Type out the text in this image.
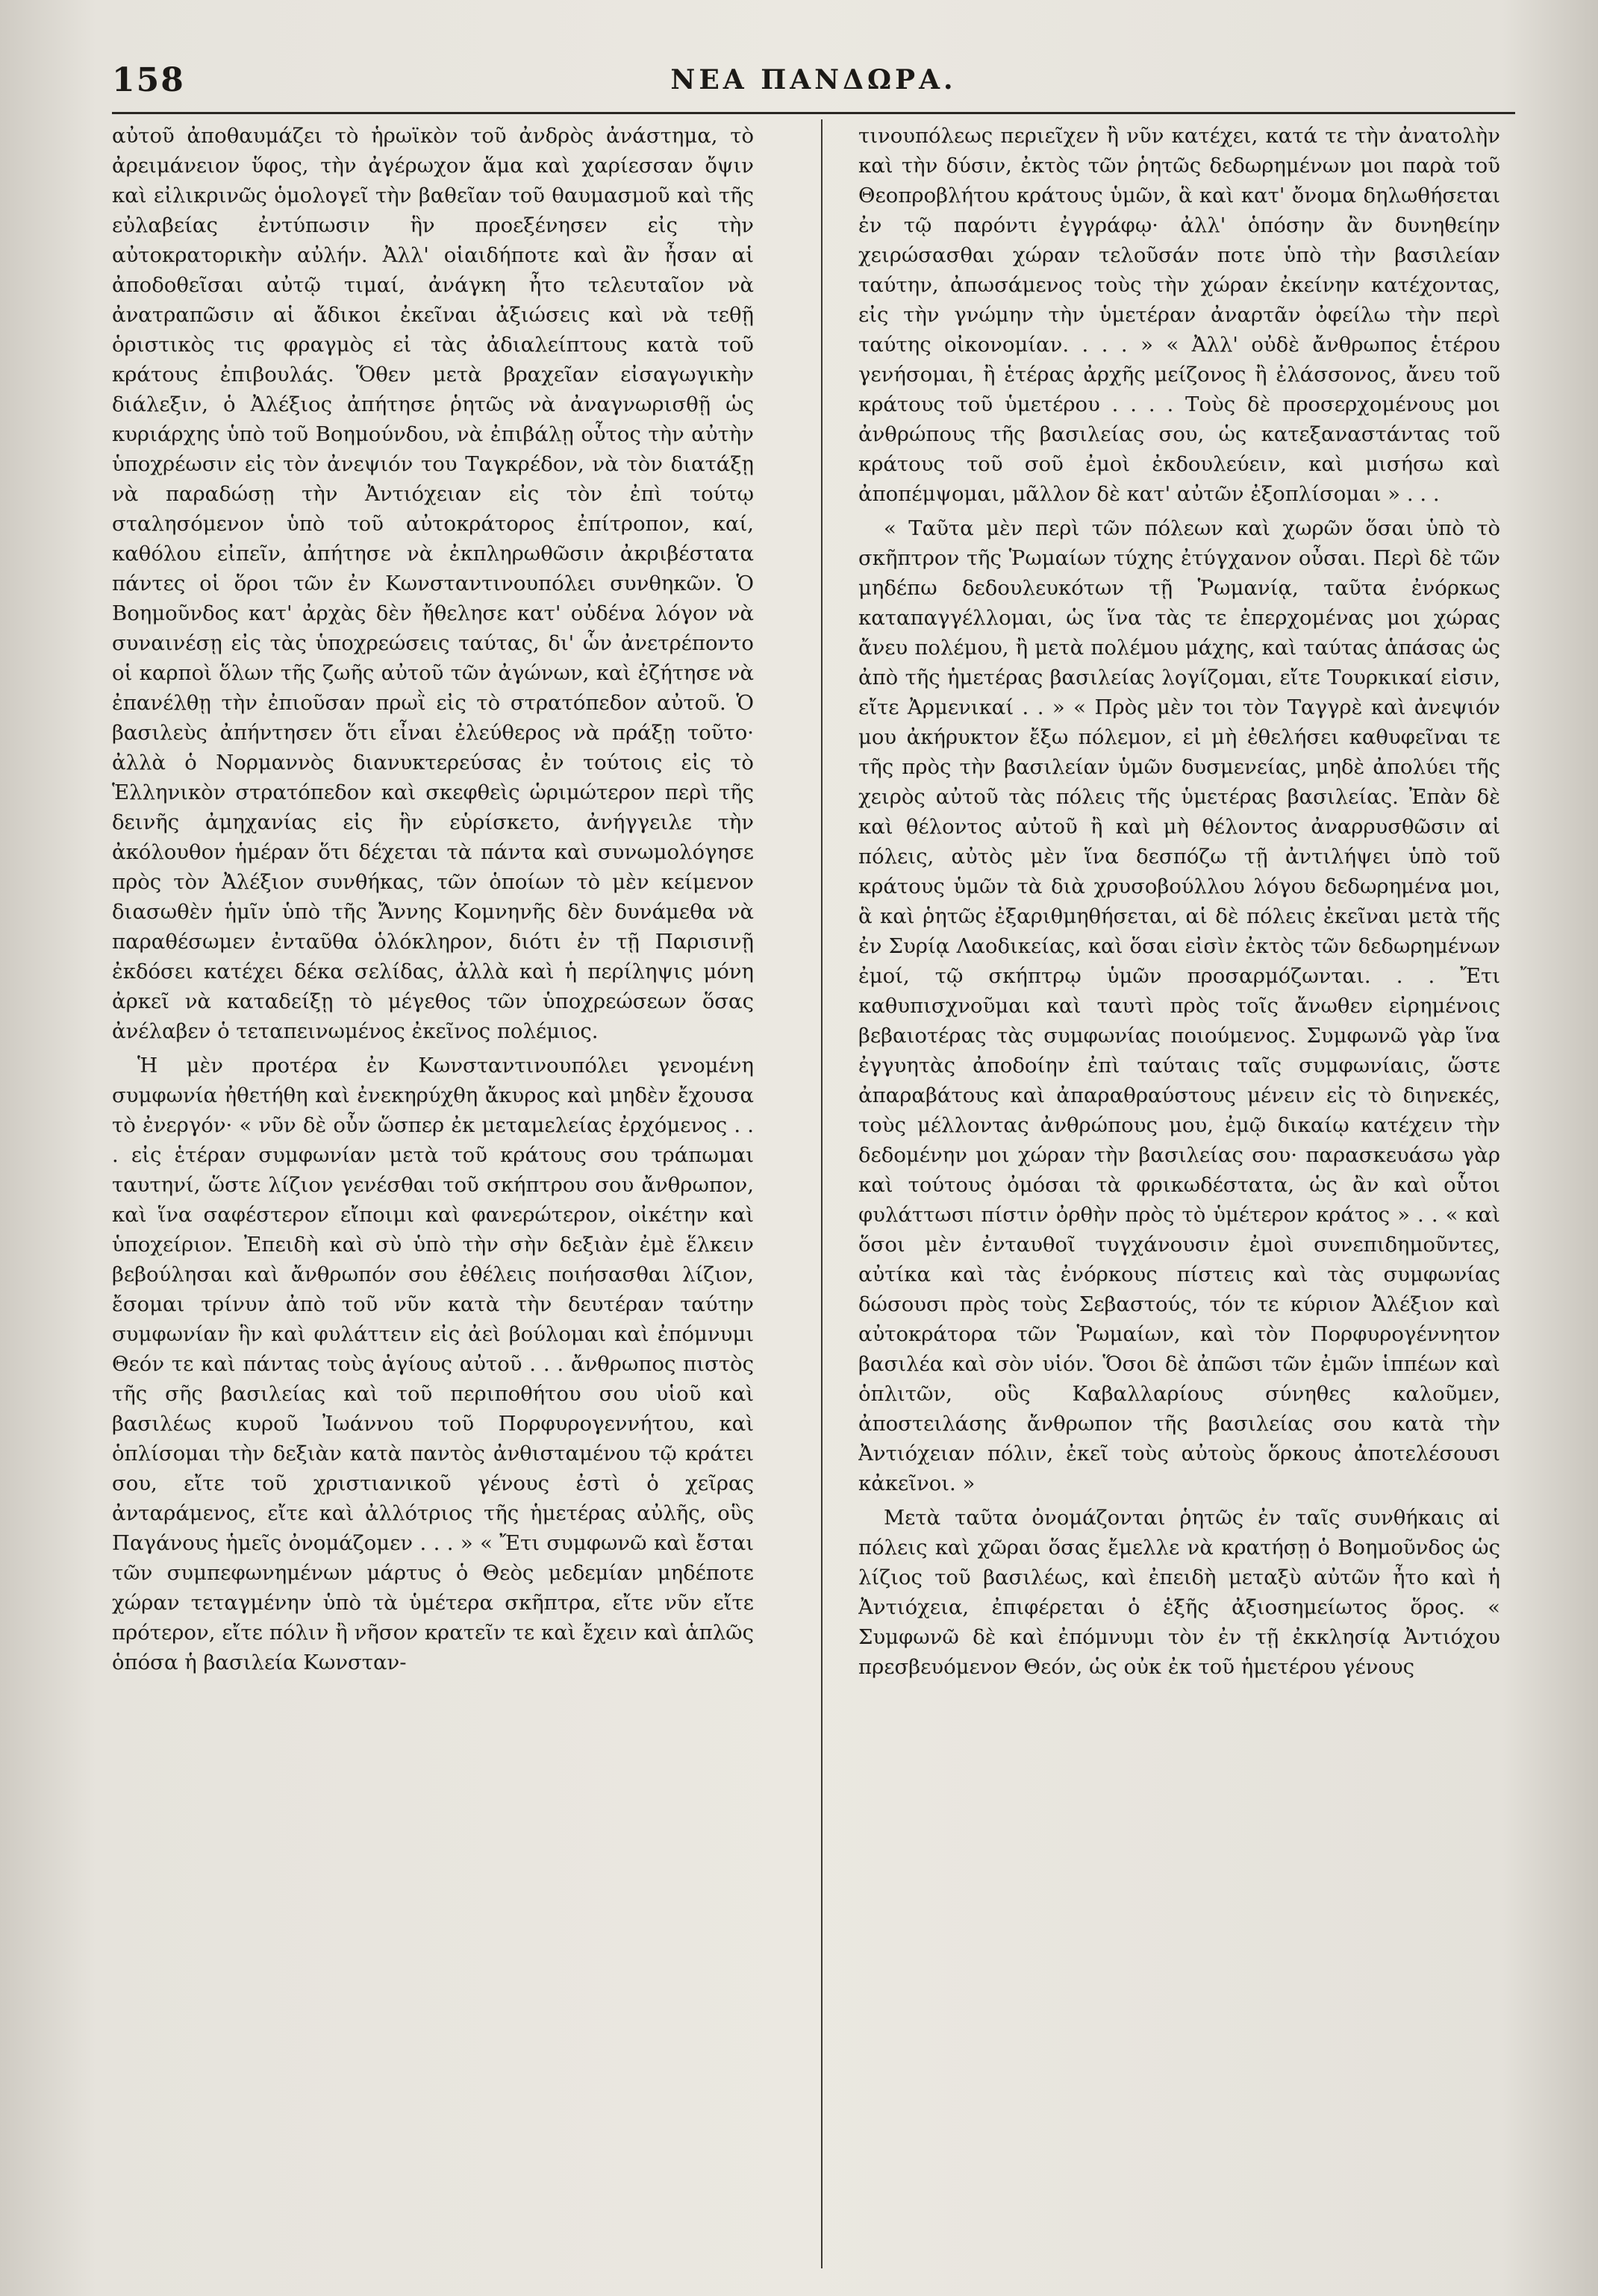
158	ΝΕΑ ΠΑΝΔΩΡΑ.

αὐτοῦ ἀποθαυμάζει τὸ ἡρωϊκὸν τοῦ ἀνδρὸς ἀνάστημα, τὸ ἀρειμάνειον ὕφος, τὴν ἀγέρωχον ἅμα καὶ χαρίεσσαν ὄψιν καὶ εἰλικρινῶς ὁμολογεῖ τὴν βαθεῖαν τοῦ θαυμασμοῦ καὶ τῆς εὐλαβείας ἐντύπωσιν ἣν προεξένησεν εἰς τὴν αὐτοκρατορικὴν αὐλήν. Ἀλλ' οἱαιδήποτε καὶ ἂν ἦσαν αἱ ἀποδοθεῖσαι αὐτῷ τιμαί, ἀνάγκη ἦτο τελευταῖον νὰ ἀνατραπῶσιν αἱ ἄδικοι ἐκεῖναι ἀξιώσεις καὶ νὰ τεθῇ ὁριστικὸς τις φραγμὸς εἰ τὰς ἀδιαλείπτους κατὰ τοῦ κράτους ἐπιβουλάς. Ὅθεν μετὰ βραχεῖαν εἰσαγωγικὴν διάλεξιν, ὁ Ἀλέξιος ἀπήτησε ῥητῶς νὰ ἀναγνωρισθῇ ὡς κυριάρχης ὑπὸ τοῦ Βοημούνδου, νὰ ἐπιβάλῃ οὗτος τὴν αὐτὴν ὑποχρέωσιν εἰς τὸν ἀνεψιόν του Ταγκρέδον, νὰ τὸν διατάξῃ νὰ παραδώσῃ τὴν Ἀντιόχειαν εἰς τὸν ἐπὶ τούτῳ σταλησόμενον ὑπὸ τοῦ αὐτοκράτορος ἐπίτροπον, καί, καθόλου εἰπεῖν, ἀπήτησε νὰ ἐκπληρωθῶσιν ἀκριβέστατα πάντες οἱ ὅροι τῶν ἐν Κωνσταντινουπόλει συνθηκῶν. Ὁ Βοημοῦνδος κατ' ἀρχὰς δὲν ἤθελησε κατ' οὐδένα λόγον νὰ συναινέσῃ εἰς τὰς ὑποχρεώσεις ταύτας, δι' ὧν ἀνετρέποντο οἱ καρποὶ ὅλων τῆς ζωῆς αὐτοῦ τῶν ἀγώνων, καὶ ἐζήτησε νὰ ἐπανέλθῃ τὴν ἐπιοῦσαν πρωῒ εἰς τὸ στρατόπεδον αὐτοῦ. Ὁ βασιλεὺς ἀπήντησεν ὅτι εἶναι ἐλεύθερος νὰ πράξῃ τοῦτο· ἀλλὰ ὁ Νορμαννὸς διανυκτερεύσας ἐν τούτοις εἰς τὸ Ἑλληνικὸν στρατόπεδον καὶ σκεφθεὶς ὡριμώτερον περὶ τῆς δεινῆς ἀμηχανίας εἰς ἣν εὑρίσκετο, ἀνήγγειλε τὴν ἀκόλουθον ἡμέραν ὅτι δέχεται τὰ πάντα καὶ συνωμολόγησε πρὸς τὸν Ἀλέξιον συνθήκας, τῶν ὁποίων τὸ μὲν κείμενον διασωθὲν ἡμῖν ὑπὸ τῆς Ἄννης Κομνηνῆς δὲν δυνάμεθα νὰ παραθέσωμεν ἐνταῦθα ὁλόκληρον, διότι ἐν τῇ Παρισινῇ ἐκδόσει κατέχει δέκα σελίδας, ἀλλὰ καὶ ἡ περίληψις μόνη ἀρκεῖ νὰ καταδείξῃ τὸ μέγεθος τῶν ὑποχρεώσεων ὅσας ἀνέλαβεν ὁ τεταπεινωμένος ἐκεῖνος πολέμιος.

Ἡ μὲν προτέρα ἐν Κωνσταντινουπόλει γενομένη συμφωνία ἠθετήθη καὶ ἐνεκηρύχθη ἄκυρος καὶ μηδὲν ἔχουσα τὸ ἐνεργόν· « νῦν δὲ οὖν ὥσπερ ἐκ μεταμελείας ἐρχόμενος . . . εἰς ἑτέραν συμφωνίαν μετὰ τοῦ κράτους σου τράπωμαι ταυτηνί, ὥστε λίζιον γενέσθαι τοῦ σκήπτρου σου ἄνθρωπον, καὶ ἵνα σαφέστερον εἴποιμι καὶ φανερώτερον, οἰκέτην καὶ ὑποχείριον. Ἐπειδὴ καὶ σὺ ὑπὸ τὴν σὴν δεξιὰν ἐμὲ ἕλκειν βεβούλησαι καὶ ἄνθρωπόν σου ἐθέλεις ποιήσασθαι λίζιον, ἔσομαι τρίνυν ἀπὸ τοῦ νῦν κατὰ τὴν δευτέραν ταύτην συμφωνίαν ἣν καὶ φυλάττειν εἰς ἀεὶ βούλομαι καὶ ἐπόμνυμι Θεόν τε καὶ πάντας τοὺς ἁγίους αὐτοῦ . . . ἄνθρωπος πιστὸς τῆς σῆς βασιλείας καὶ τοῦ περιποθήτου σου υἱοῦ καὶ βασιλέως κυροῦ Ἰωάννου τοῦ Πορφυρογεννήτου, καὶ ὁπλίσομαι τὴν δεξιὰν κατὰ παντὸς ἀνθισταμένου τῷ κράτει σου, εἴτε τοῦ χριστιανικοῦ γένους ἐστὶ ὁ χεῖρας ἀνταράμενος, εἴτε καὶ ἀλλότριος τῆς ἡμετέρας αὐλῆς, οὓς Παγάνους ἡμεῖς ὀνομάζομεν . . . » « Ἔτι συμφωνῶ καὶ ἔσται τῶν συμπεφωνημένων μάρτυς ὁ Θεὸς μεδεμίαν μηδέποτε χώραν τεταγμένην ὑπὸ τὰ ὑμέτερα σκῆπτρα, εἴτε νῦν εἴτε πρότερον, εἴτε πόλιν ἢ νῆσον κρατεῖν τε καὶ ἔχειν καὶ ἁπλῶς ὁπόσα ἡ βασιλεία Κωνσταν-

τινουπόλεως περιεῖχεν ἢ νῦν κατέχει, κατά τε τὴν ἀνατολὴν καὶ τὴν δύσιν, ἐκτὸς τῶν ῥητῶς δεδωρημένων μοι παρὰ τοῦ Θεοπροβλήτου κράτους ὑμῶν, ἃ καὶ κατ' ὄνομα δηλωθήσεται ἐν τῷ παρόντι ἐγγράφῳ· ἀλλ' ὁπόσην ἂν δυνηθείην χειρώσασθαι χώραν τελοῦσάν ποτε ὑπὸ τὴν βασιλείαν ταύτην, ἀπωσάμενος τοὺς τὴν χώραν ἐκείνην κατέχοντας, εἰς τὴν γνώμην τὴν ὑμετέραν ἀναρτᾶν ὀφείλω τὴν περὶ ταύτης οἰκονομίαν. . . . » « Ἀλλ' οὐδὲ ἄνθρωπος ἑτέρου γενήσομαι, ἢ ἑτέρας ἀρχῆς μείζονος ἢ ἐλάσσονος, ἄνευ τοῦ κράτους τοῦ ὑμετέρου . . . . Τοὺς δὲ προσερχομένους μοι ἀνθρώπους τῆς βασιλείας σου, ὡς κατεξαναστάντας τοῦ κράτους τοῦ σοῦ ἐμοὶ ἐκδουλεύειν, καὶ μισήσω καὶ ἀποπέμψομαι, μᾶλλον δὲ κατ' αὐτῶν ἐξοπλίσομαι » . . .

« Ταῦτα μὲν περὶ τῶν πόλεων καὶ χωρῶν ὅσαι ὑπὸ τὸ σκῆπτρον τῆς Ῥωμαίων τύχης ἐτύγχανον οὖσαι. Περὶ δὲ τῶν μηδέπω δεδουλευκότων τῇ Ῥωμανίᾳ, ταῦτα ἐνόρκως καταπαγγέλλομαι, ὡς ἵνα τὰς τε ἐπερχομένας μοι χώρας ἄνευ πολέμου, ἢ μετὰ πολέμου μάχης, καὶ ταύτας ἁπάσας ὡς ἀπὸ τῆς ἡμετέρας βασιλείας λογίζομαι, εἴτε Τουρκικαί εἰσιν, εἴτε Ἀρμενικαί . . » « Πρὸς μὲν τοι τὸν Ταγγρὲ καὶ ἀνεψιόν μου ἀκήρυκτον ἔξω πόλεμον, εἰ μὴ ἐθελήσει καθυφεῖναι τε τῆς πρὸς τὴν βασιλείαν ὑμῶν δυσμενείας, μηδὲ ἀπολύει τῆς χειρὸς αὐτοῦ τὰς πόλεις τῆς ὑμετέρας βασιλείας. Ἐπὰν δὲ καὶ θέλοντος αὐτοῦ ἢ καὶ μὴ θέλοντος ἀναρρυσθῶσιν αἱ πόλεις, αὐτὸς μὲν ἵνα δεσπόζω τῇ ἀντιλήψει ὑπὸ τοῦ κράτους ὑμῶν τὰ διὰ χρυσοβούλλου λόγου δεδωρημένα μοι, ἃ καὶ ῥητῶς ἐξαριθμηθήσεται, αἱ δὲ πόλεις ἐκεῖναι μετὰ τῆς ἐν Συρίᾳ Λαοδικείας, καὶ ὅσαι εἰσὶν ἐκτὸς τῶν δεδωρημένων ἐμοί, τῷ σκήπτρῳ ὑμῶν προσαρμόζωνται. . . Ἔτι καθυπισχνοῦμαι καὶ ταυτὶ πρὸς τοῖς ἄνωθεν εἰρημένοις βεβαιοτέρας τὰς συμφωνίας ποιούμενος. Συμφωνῶ γὰρ ἵνα ἐγγυητὰς ἀποδοίην ἐπὶ ταύταις ταῖς συμφωνίαις, ὥστε ἀπαραβάτους καὶ ἀπαραθραύστους μένειν εἰς τὸ διηνεκές, τοὺς μέλλοντας ἀνθρώπους μου, ἐμῷ δικαίῳ κατέχειν τὴν δεδομένην μοι χώραν τὴν βασιλείας σου· παρασκευάσω γὰρ καὶ τούτους ὀμόσαι τὰ φρικωδέστατα, ὡς ἂν καὶ οὗτοι φυλάττωσι πίστιν ὀρθὴν πρὸς τὸ ὑμέτερον κράτος » . . « καὶ ὅσοι μὲν ἐνταυθοῖ τυγχάνουσιν ἐμοὶ συνεπιδημοῦντες, αὐτίκα καὶ τὰς ἐνόρκους πίστεις καὶ τὰς συμφωνίας δώσουσι πρὸς τοὺς Σεβαστούς, τόν τε κύριον Ἀλέξιον καὶ αὐτοκράτορα τῶν Ῥωμαίων, καὶ τὸν Πορφυρογέννητον βασιλέα καὶ σὸν υἱόν. Ὅσοι δὲ ἀπῶσι τῶν ἐμῶν ἱππέων καὶ ὁπλιτῶν, οὓς Καβαλλαρίους σύνηθες καλοῦμεν, ἀποστειλάσης ἄνθρωπον τῆς βασιλείας σου κατὰ τὴν Ἀντιόχειαν πόλιν, ἐκεῖ τοὺς αὐτοὺς ὅρκους ἀποτελέσουσι κἀκεῖνοι. »

Μετὰ ταῦτα ὀνομάζονται ῥητῶς ἐν ταῖς συνθήκαις αἱ πόλεις καὶ χῶραι ὅσας ἔμελλε νὰ κρατήσῃ ὁ Βοημοῦνδος ὡς λίζιος τοῦ βασιλέως, καὶ ἐπειδὴ μεταξὺ αὐτῶν ἦτο καὶ ἡ Ἀντιόχεια, ἐπιφέρεται ὁ ἑξῆς ἀξιοσημείωτος ὅρος. « Συμφωνῶ δὲ καὶ ἐπόμνυμι τὸν ἐν τῇ ἐκκλησίᾳ Ἀντιόχου πρεσβευόμενον Θεόν, ὡς οὐκ ἐκ τοῦ ἡμετέρου γένους
